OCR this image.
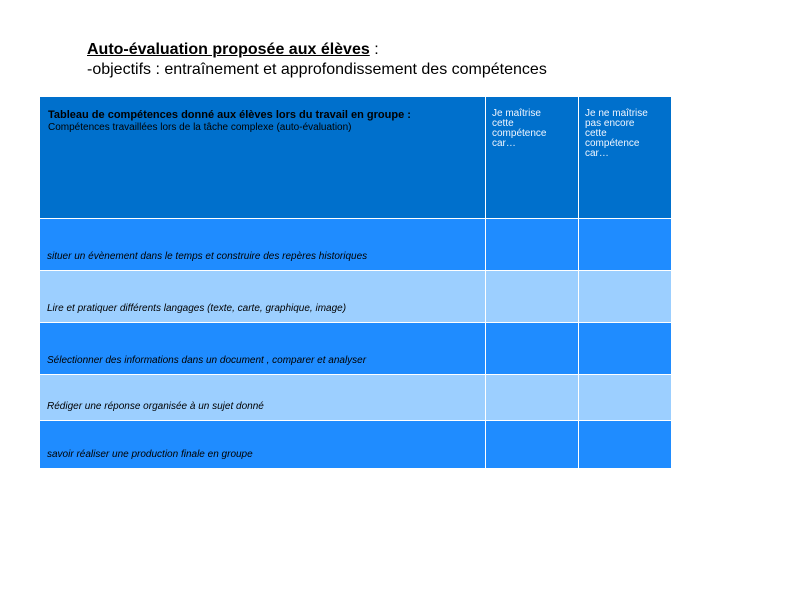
Auto-évaluation proposée aux élèves :
-objectifs : entraînement et approfondissement des compétences
Tableau de compétences donné aux élèves lors du travail en groupe :
Compétences travaillées lors de la tâche complexe (auto-évaluation)
Je maîtrise
cette
compétence
car…
Je ne maîtrise
pas encore
cette
compétence
car…
situer un évènement dans le temps et construire des repères historiques
Lire et pratiquer différents langages (texte, carte, graphique, image)
Sélectionner des informations dans un document , comparer et analyser
Rédiger une réponse organisée à un sujet donné
savoir réaliser une production finale en groupe
